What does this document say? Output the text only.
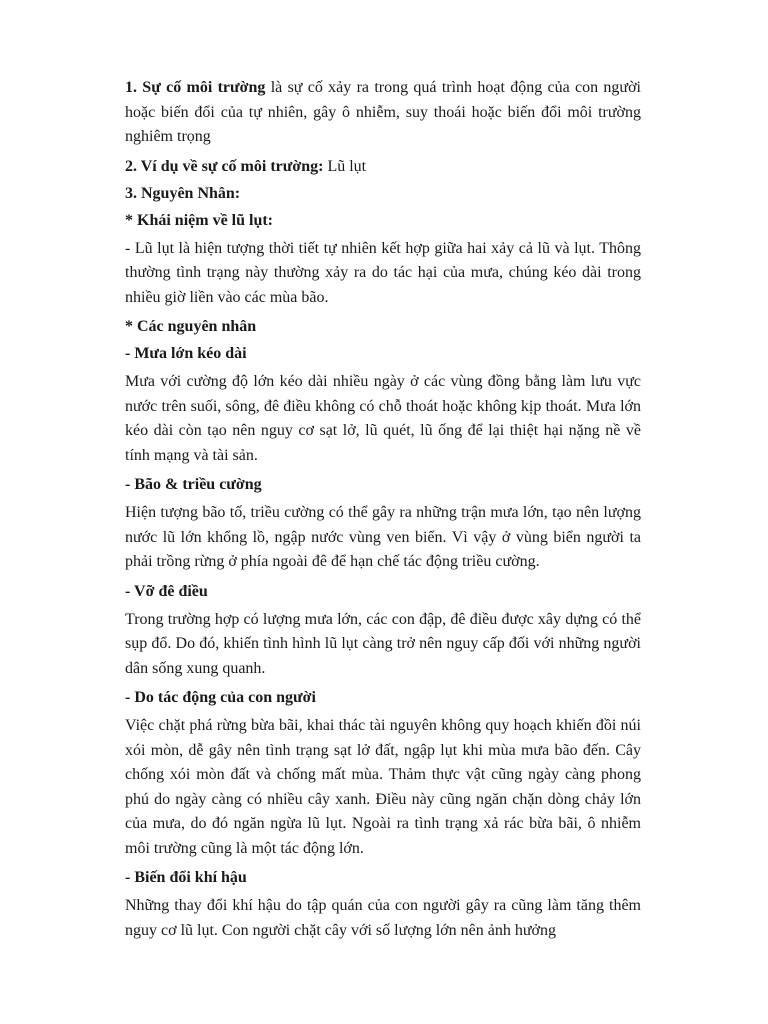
1. Sự cố môi trường là sự cố xảy ra trong quá trình hoạt động của con người hoặc biến đổi của tự nhiên, gây ô nhiễm, suy thoái hoặc biến đổi môi trường nghiêm trọng

2. Ví dụ về sự cố môi trường: Lũ lụt

3. Nguyên Nhân:

* Khái niệm về lũ lụt:

- Lũ lụt là hiện tượng thời tiết tự nhiên kết hợp giữa hai xảy cả lũ và lụt. Thông thường tình trạng này thường xảy ra do tác hại của mưa, chúng kéo dài trong nhiều giờ liền vào các mùa bão.

* Các nguyên nhân

- Mưa lớn kéo dài

Mưa với cường độ lớn kéo dài nhiều ngày ở các vùng đồng bằng làm lưu vực nước trên suối, sông, đê điều không có chỗ thoát hoặc không kịp thoát. Mưa lớn kéo dài còn tạo nên nguy cơ sạt lở, lũ quét, lũ ống để lại thiệt hại nặng nề về tính mạng và tài sản.

- Bão & triều cường

Hiện tượng bão tố, triều cường có thể gây ra những trận mưa lớn, tạo nên lượng nước lũ lớn khổng lồ, ngập nước vùng ven biển. Vì vậy ở vùng biển người ta phải trồng rừng ở phía ngoài đê để hạn chế tác động triều cường.

- Vỡ đê điều

Trong trường hợp có lượng mưa lớn, các con đập, đê điều được xây dựng có thể sụp đổ. Do đó, khiến tình hình lũ lụt càng trở nên nguy cấp đối với những người dân sống xung quanh.

- Do tác động của con người

Việc chặt phá rừng bừa bãi, khai thác tài nguyên không quy hoạch khiến đồi núi xói mòn, dễ gây nên tình trạng sạt lở đất, ngập lụt khi mùa mưa bão đến. Cây chống xói mòn đất và chống mất mùa. Thảm thực vật cũng ngày càng phong phú do ngày càng có nhiều cây xanh. Điều này cũng ngăn chặn dòng chảy lớn của mưa, do đó ngăn ngừa lũ lụt. Ngoài ra tình trạng xả rác bừa bãi, ô nhiễm môi trường cũng là một tác động lớn.

- Biến đổi khí hậu

Những thay đổi khí hậu do tập quán của con người gây ra cũng làm tăng thêm nguy cơ lũ lụt. Con người chặt cây với số lượng lớn nên ảnh hưởng
